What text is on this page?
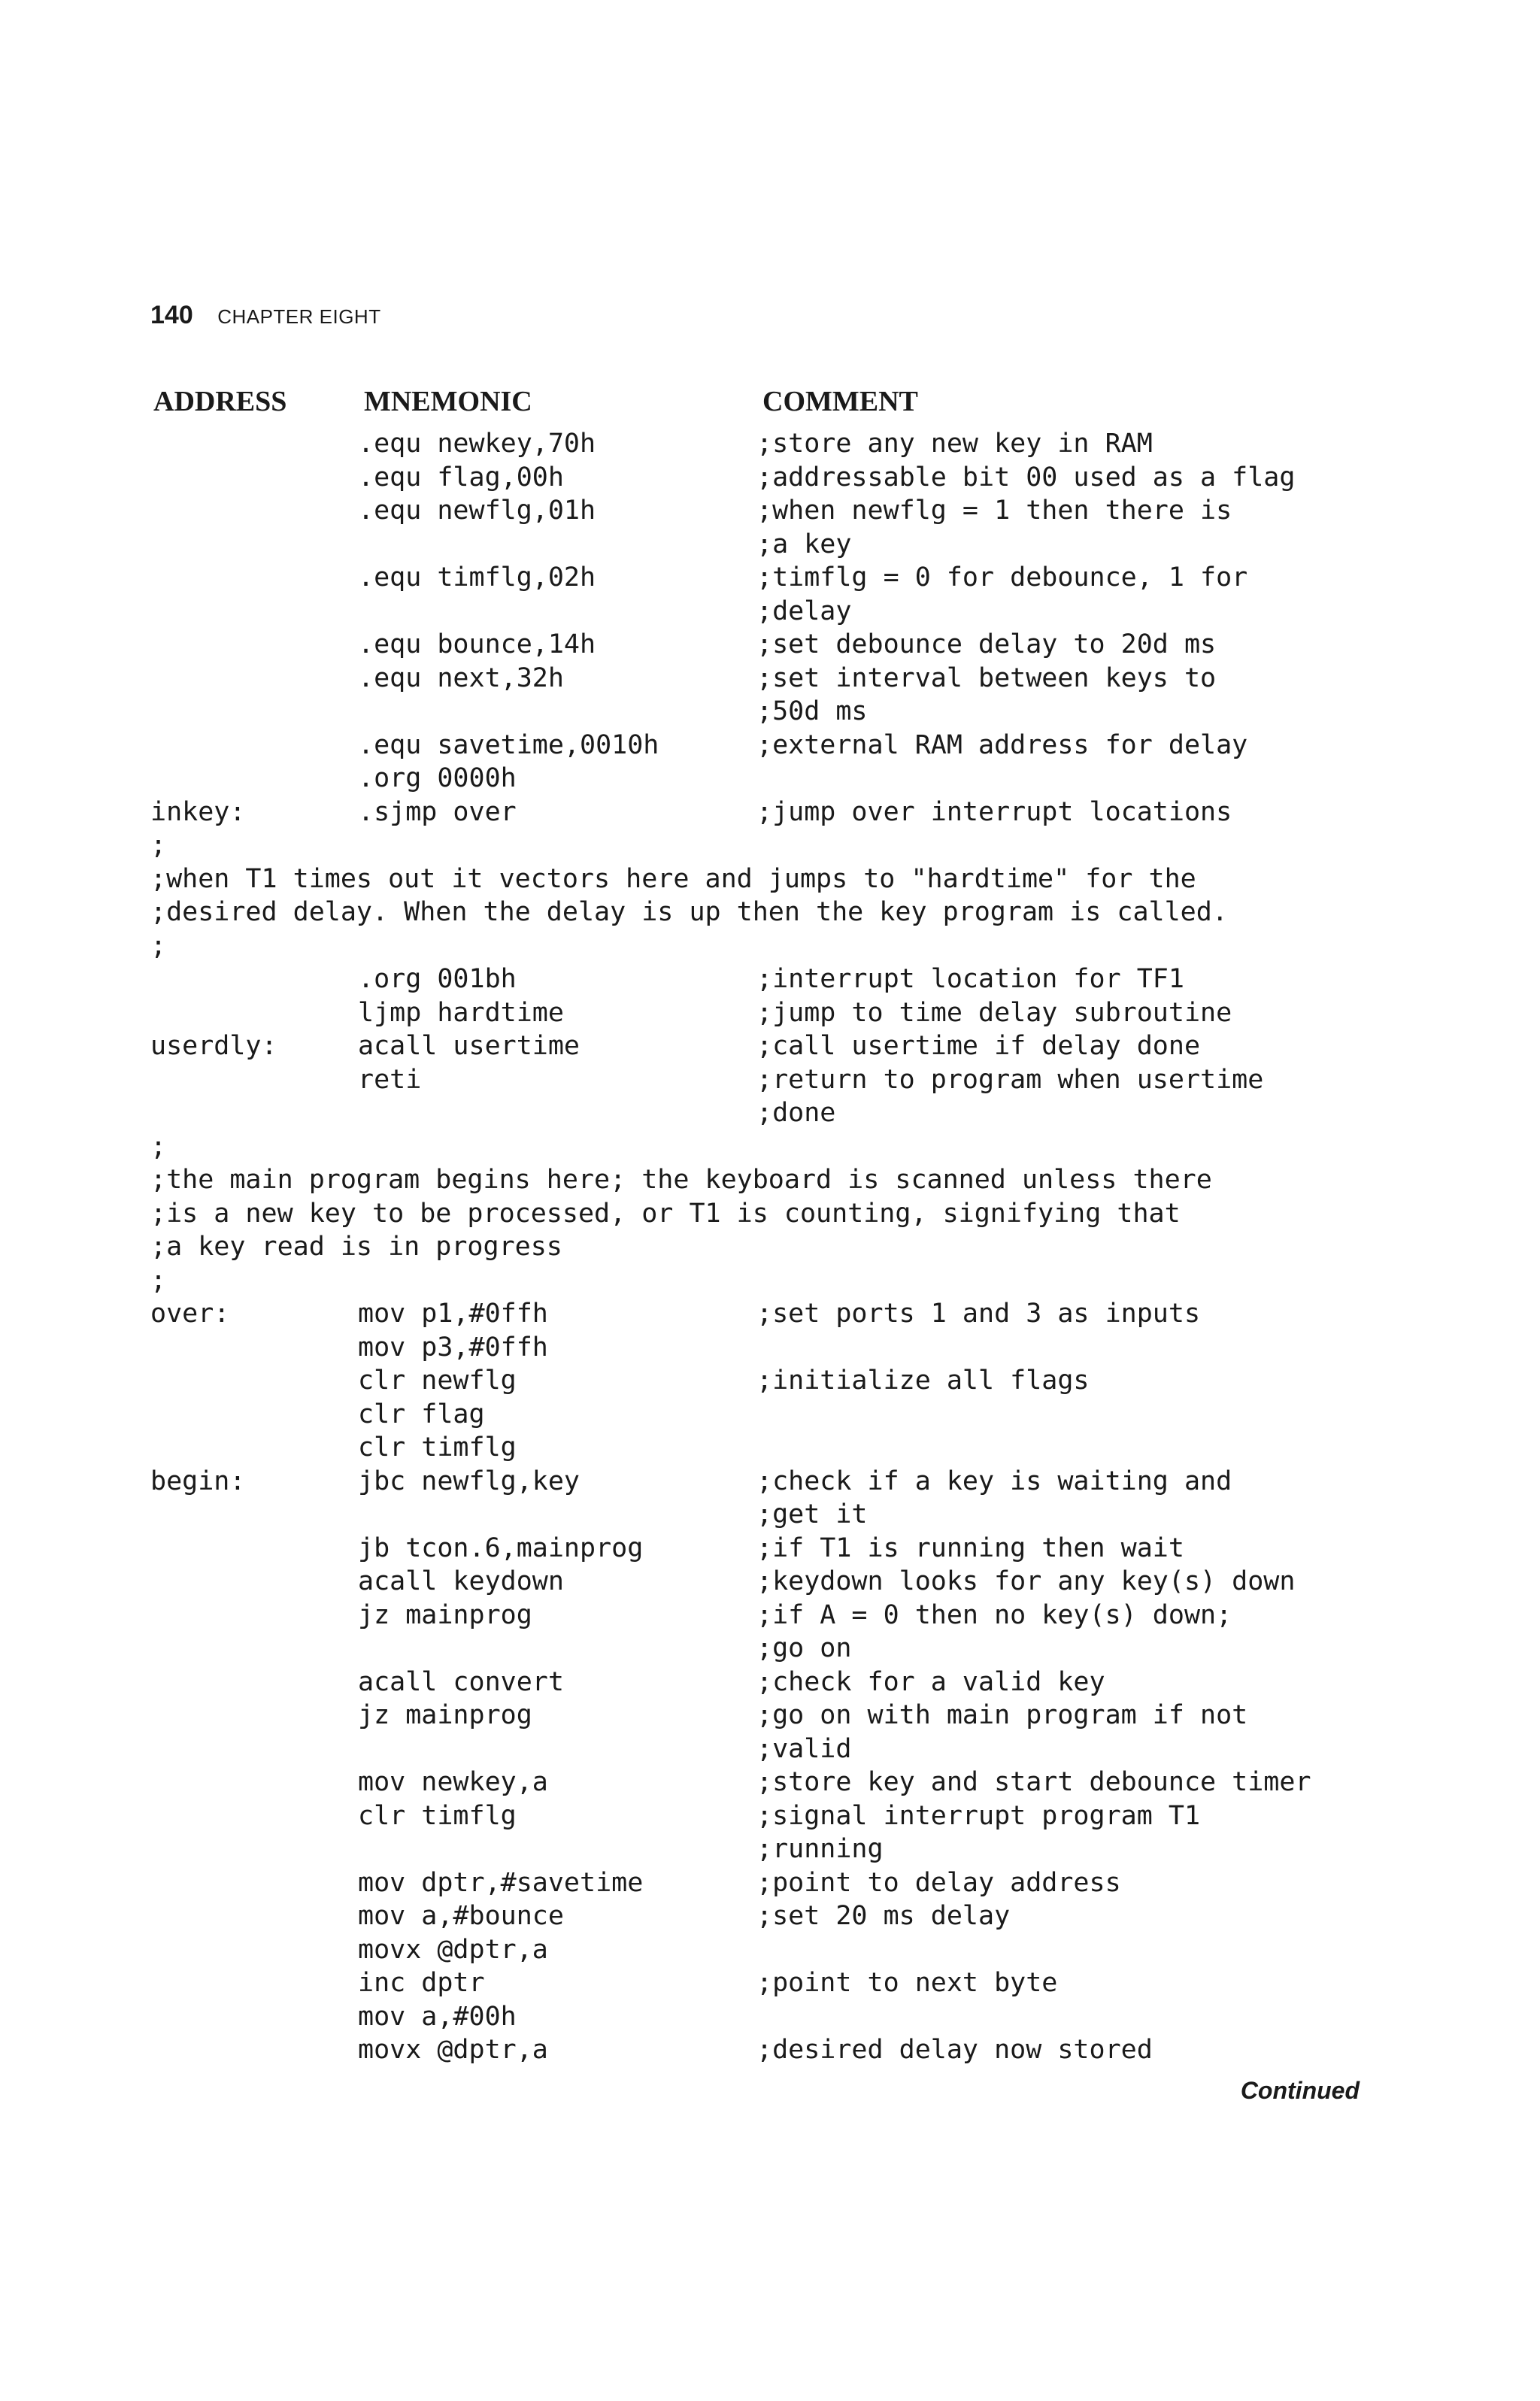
140 CHAPTER EIGHT
ADDRESS	MNEMONIC	COMMENT
.equ newkey,70h	;store any new key in RAM
.equ flag,00h	;addressable bit 00 used as a flag
.equ newflg,01h	;when newflg = 1 then there is
;a key
.equ timflg,02h	;timflg = 0 for debounce, 1 for
;delay
.equ bounce,14h	;set debounce delay to 20d ms
.equ next,32h	;set interval between keys to
;50d ms
.equ savetime,0010h	;external RAM address for delay
.org 0000h
inkey:	.sjmp over	;jump over interrupt locations
;
;when T1 times out it vectors here and jumps to "hardtime" for the
;desired delay. When the delay is up then the key program is called.
;
.org 001bh	;interrupt location for TF1
ljmp hardtime	;jump to time delay subroutine
userdly:	acall usertime	;call usertime if delay done
reti	;return to program when usertime
;done
;
;the main program begins here; the keyboard is scanned unless there
;is a new key to be processed, or T1 is counting, signifying that
;a key read is in progress
;
over:	mov p1,#0ffh	;set ports 1 and 3 as inputs
mov p3,#0ffh
clr newflg	;initialize all flags
clr flag
clr timflg
begin:	jbc newflg,key	;check if a key is waiting and
;get it
jb tcon.6,mainprog	;if T1 is running then wait
acall keydown	;keydown looks for any key(s) down
jz mainprog	;if A = 0 then no key(s) down;
;go on
acall convert	;check for a valid key
jz mainprog	;go on with main program if not
;valid
mov newkey,a	;store key and start debounce timer
clr timflg	;signal interrupt program T1
;running
mov dptr,#savetime	;point to delay address
mov a,#bounce	;set 20 ms delay
movx @dptr,a
inc dptr	;point to next byte
mov a,#00h
movx @dptr,a	;desired delay now stored
Continued
